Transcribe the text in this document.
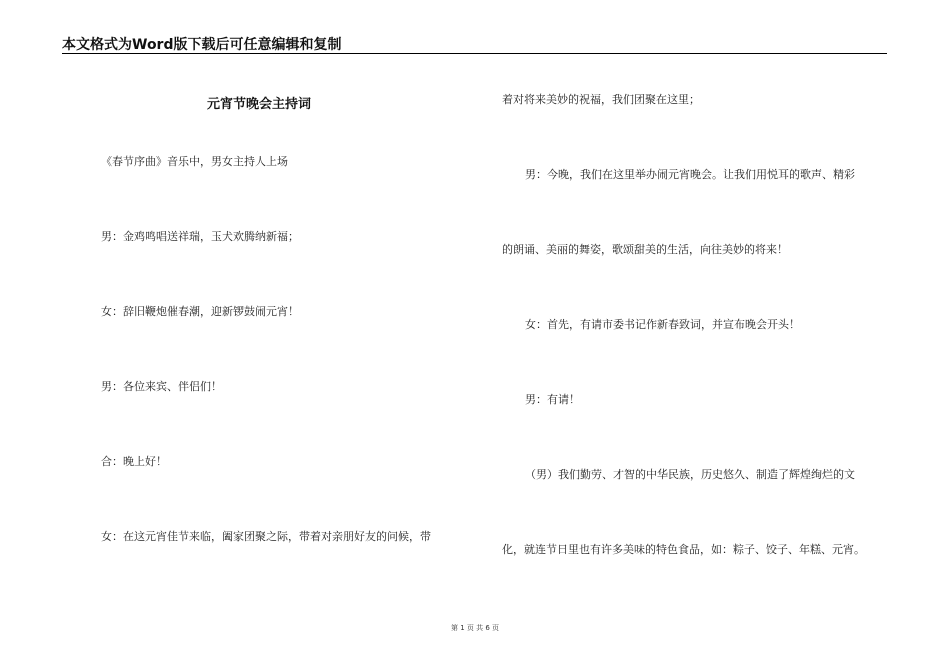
本文格式为Word版下载后可任意编辑和复制
元宵节晚会主持词
《春节序曲》音乐中，男女主持人上场
男：金鸡鸣唱送祥瑞，玉犬欢腾纳新福；
女：辞旧鞭炮催春潮，迎新锣鼓闹元宵！
男：各位来宾、伴侣们！
合：晚上好！
女：在这元宵佳节来临，阖家团聚之际，带着对亲朋好友的问候，带
着对将来美妙的祝福，我们团聚在这里；
男：今晚，我们在这里举办闹元宵晚会。让我们用悦耳的歌声、精彩
的朗诵、美丽的舞姿，歌颂甜美的生活，向往美妙的将来！
女：首先，有请市委书记作新春致词，并宣布晚会开头！
男：有请！
（男）我们勤劳、才智的中华民族，历史悠久、制造了辉煌绚烂的文
化，就连节日里也有许多美味的特色食品，如：粽子、饺子、年糕、元宵。
第 1 页 共 6 页
